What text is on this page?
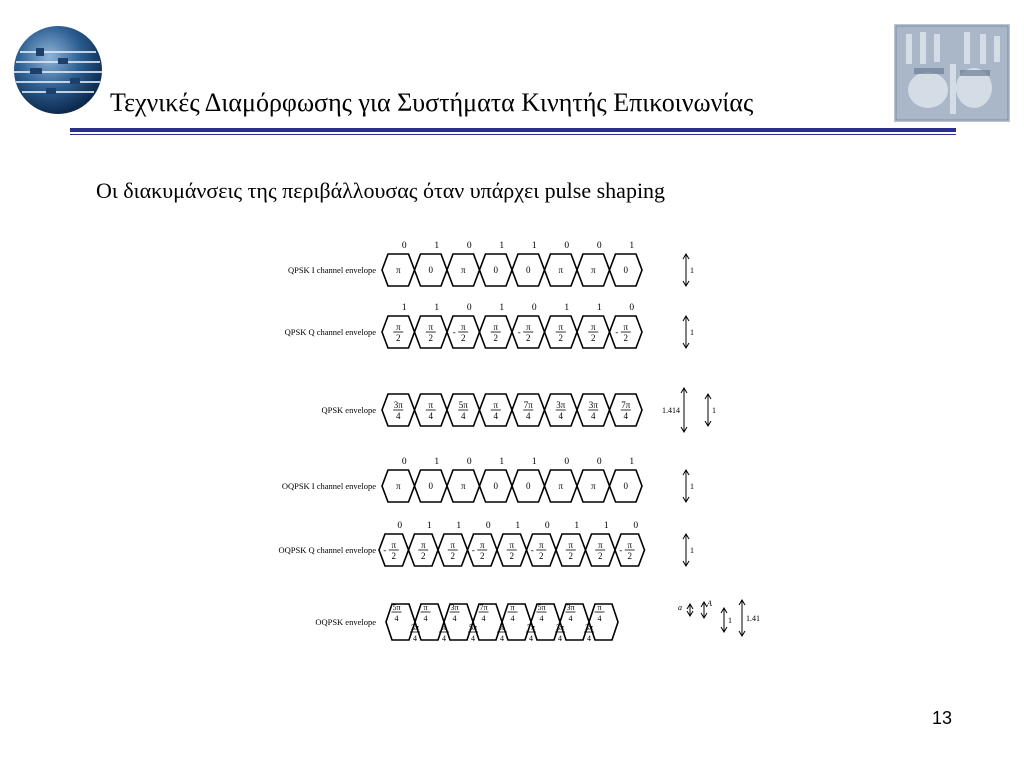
Τεχνικές Διαμόρφωσης για Συστήματα Κινητής Επικοινωνίας
Οι διακυμάνσεις της περιβάλλουσας όταν υπάρχει pulse shaping
QPSK I channel envelope π	0	π	0	0	π	π	0
0	1	0	1	1	0	0	1
1
QPSK Q channel envelope π
2
π
2
- π
2
π
2
- π
2
π
2
π
2
- π
2
1	1	0	1	0	1	1	0
1
QPSK envelope 3π
4
π
4
5π
4
π
4
7π
4
3π
4
3π
4
7π
4
1
1.414
OQPSK I channel envelope π	0	π	0	0	π	π	0
0	1	0	1	1	0	0	1
1
OQPSK Q channel envelope - π
2
π
2
π
2
- π
2
π
2
- π
2
π
2
π
2
- π
2
0	1	1	0	1	0	1	1	0
1
OQPSK envelope
5π
4
π
4
3π
4
7π
4
π
4
5π
4
3π
4
π
4
3π
4
π
4
5π
4
π
4
7π
4
3π
4
3π
4
a	A
1 1.41
13
